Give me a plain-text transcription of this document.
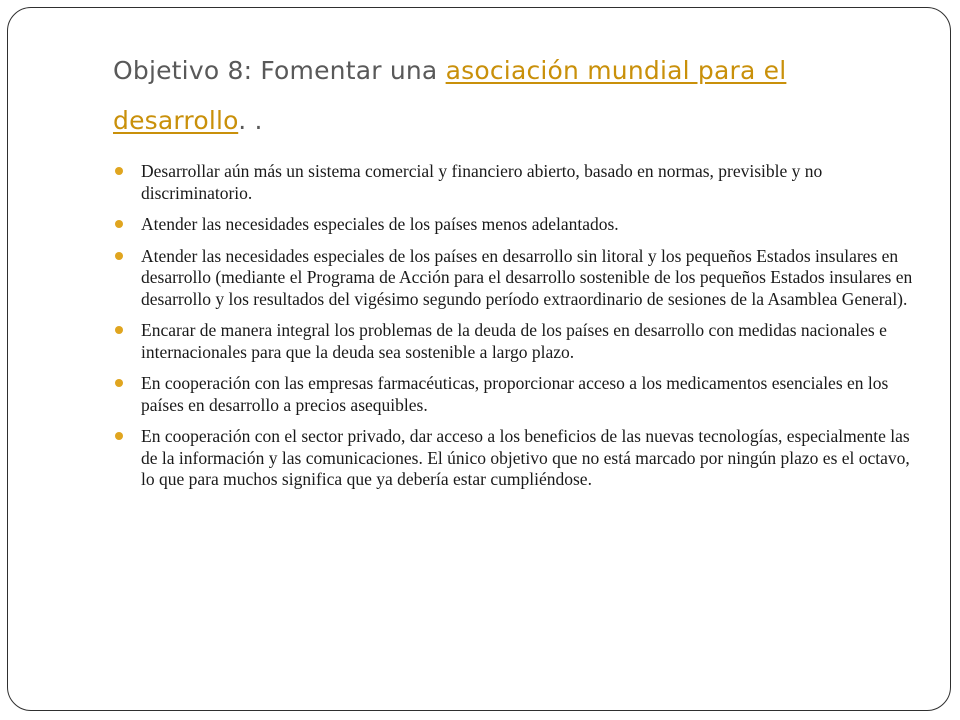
Objetivo 8: Fomentar una asociación mundial para el
desarrollo. .
Desarrollar aún más un sistema comercial y financiero abierto, basado en normas, previsible y no discriminatorio.
Atender las necesidades especiales de los países menos adelantados.
Atender las necesidades especiales de los países en desarrollo sin litoral y los pequeños Estados insulares en desarrollo (mediante el Programa de Acción para el desarrollo sostenible de los pequeños Estados insulares en desarrollo y los resultados del vigésimo segundo período extraordinario de sesiones de la Asamblea General).
Encarar de manera integral los problemas de la deuda de los países en desarrollo con medidas nacionales e internacionales para que la deuda sea sostenible a largo plazo.
En cooperación con las empresas farmacéuticas, proporcionar acceso a los medicamentos esenciales en los países en desarrollo a precios asequibles.
En cooperación con el sector privado, dar acceso a los beneficios de las nuevas tecnologías, especialmente las de la información y las comunicaciones. El único objetivo que no está marcado por ningún plazo es el octavo, lo que para muchos significa que ya debería estar cumpliéndose.
